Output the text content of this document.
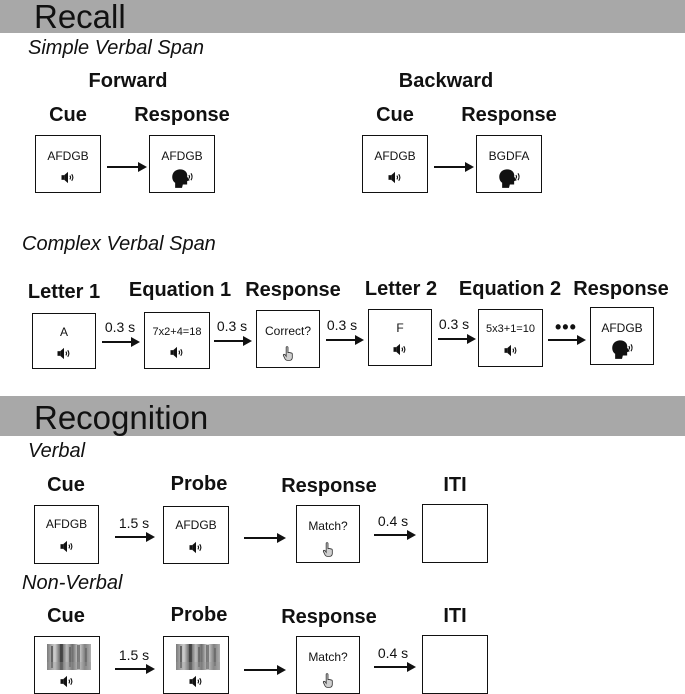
Recall
Simple Verbal Span
Forward
Cue Response
AFDGB	AFDGB
Backward
Cue Response
AFDGB	BGDFA
Complex Verbal Span
Letter 1 Equation 1 Response Letter 2 Equation 2 Response
A	0.3 s	7x2+4=18	0.3 s	Correct?	0.3 s	F	0.3 s	5x3+1=10	•••	AFDGB
Recognition
Verbal
Cue	Probe	Response	ITI
AFDGB	1.5 s	AFDGB	Match?	0.4 s
Non-Verbal
Cue	Probe	Response	ITI
1.5 s	Match?	0.4 s
